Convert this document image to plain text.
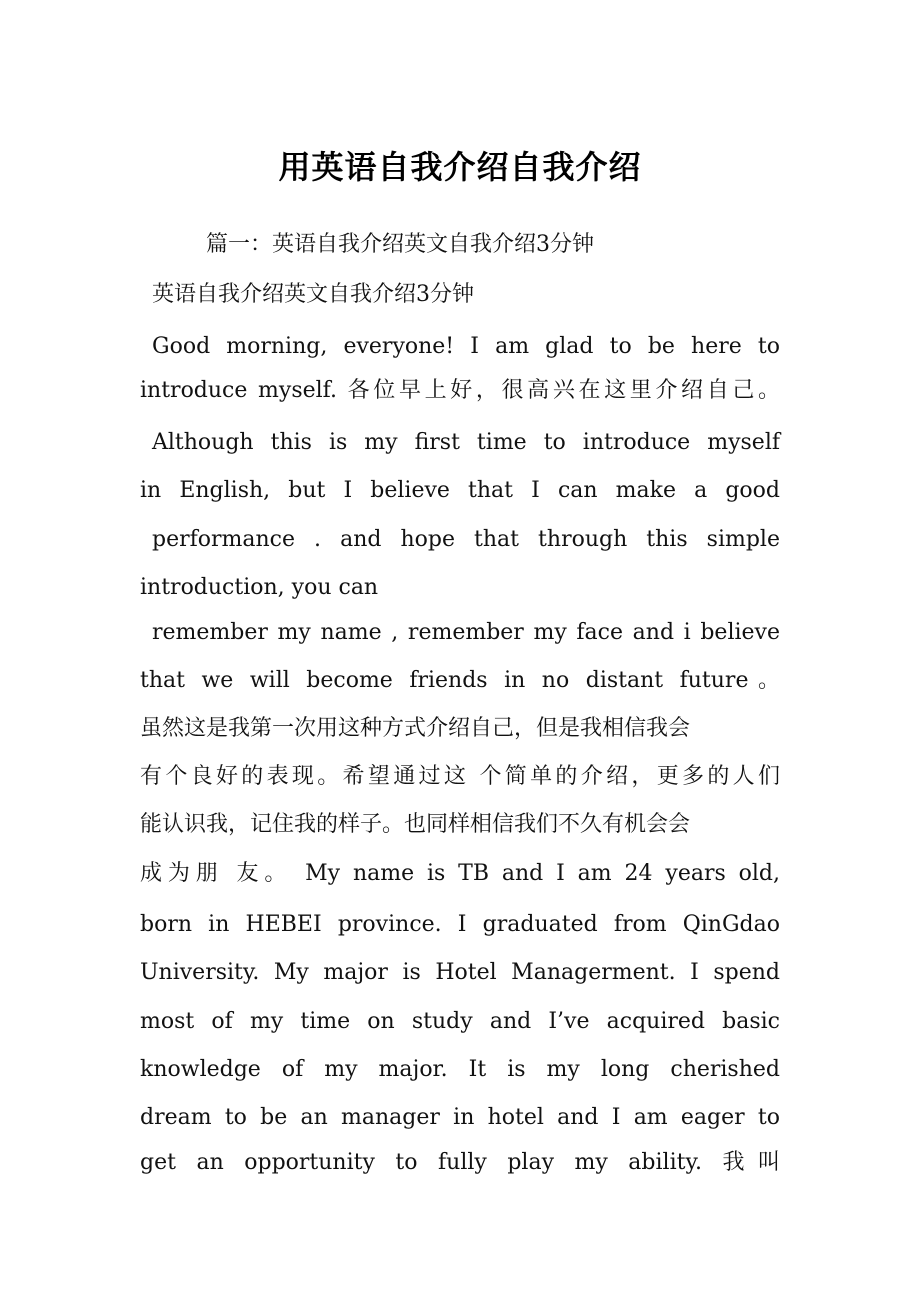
用英语自我介绍自我介绍

篇一：英语自我介绍英文自我介绍3分钟

英语自我介绍英文自我介绍3分钟

Good morning, everyone! I am glad to be here to

introduce myself. 各位早上好，很高兴在这里介绍自己。

Although this is my first time to introduce myself

in English, but I believe that I can make a good

performance . and hope that through this simple

introduction, you can

remember my name , remember my face and i believe

that we will become friends in no distant future。

虽然这是我第一次用这种方式介绍自己，但是我相信我会

有个良好的表现。希望通过这 个简单的介绍，更多的人们

能认识我，记住我的样子。也同样相信我们不久有机会会

成为朋 友。 My name is TB and I am 24 years old,

born in HEBEI province. I graduated from QinGdao

University. My major is Hotel Managerment. I spend

most of my time on study and I’ve acquired basic

knowledge of my major. It is my long cherished

dream to be an manager in hotel and I am eager to

get an opportunity to fully play my ability. 我叫
